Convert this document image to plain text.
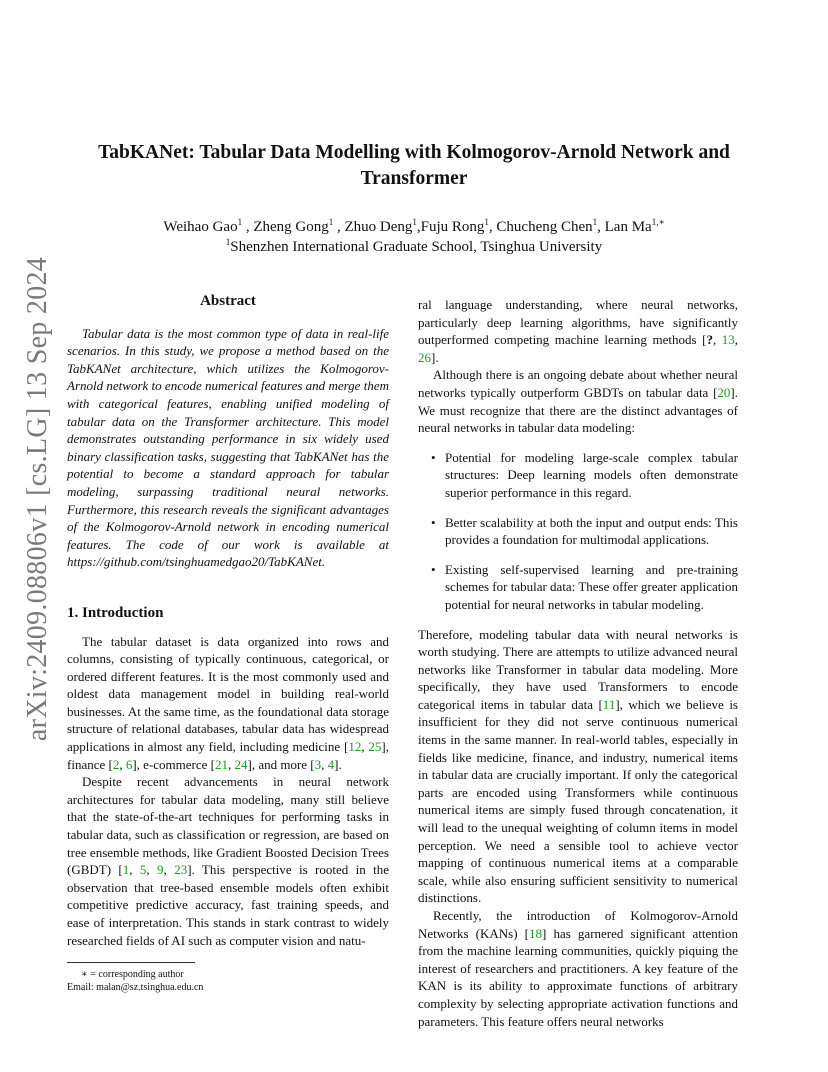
arXiv:2409.08806v1 [cs.LG] 13 Sep 2024
TabKANet: Tabular Data Modelling with Kolmogorov-Arnold Network and Transformer
Weihao Gao$^1$ , Zheng Gong$^1$ , Zhuo Deng$^1$,Fuju Rong$^1$, Chucheng Chen$^1$, Lan $Ma^{1,∗}$
$^1$Shenzhen International Graduate School, Tsinghua University
Abstract

Tabular data is the most common type of data in real-life scenarios. In this study, we propose a method based on the TabKANet architecture, which utilizes the Kolmogorov-Arnold network to encode numerical features and merge them with categorical features, enabling unified modeling of tabular data on the Transformer architecture. This model demonstrates outstanding performance in six widely used binary classification tasks, suggesting that TabKANet has the potential to become a standard approach for tabular modeling, surpassing traditional neural networks. Furthermore, this research reveals the significant advantages of the Kolmogorov-Arnold network in encoding numerical features. The code of our work is available at https://github.com/tsinghuamedgao20/TabKANet.

1. Introduction

The tabular dataset is data organized into rows and columns, consisting of typically continuous, categorical, or ordered different features. It is the most commonly used and oldest data management model in building real-world businesses. At the same time, as the foundational data storage structure of relational databases, tabular data has widespread applications in almost any field, including medicine [12, 25], finance [2, 6], e-commerce [21, 24], and more [3, 4].

Despite recent advancements in neural network architectures for tabular data modeling, many still believe that the state-of-the-art techniques for performing tasks in tabular data, such as classification or regression, are based on tree ensemble methods, like Gradient Boosted Decision Trees (GBDT) [1, 5, 9, 23]. This perspective is rooted in the observation that tree-based ensemble models often exhibit competitive predictive accuracy, fast training speeds, and ease of interpretation. This stands in stark contrast to widely researched fields of AI such as computer vision and natu-

∗ = corresponding author
Email: malan@sz.tsinghua.edu.cn

ral language understanding, where neural networks, particularly deep learning algorithms, have significantly outperformed competing machine learning methods [?, 13, 26].

Although there is an ongoing debate about whether neural networks typically outperform GBDTs on tabular data [20]. We must recognize that there are the distinct advantages of neural networks in tabular data modeling:

• Potential for modeling large-scale complex tabular structures: Deep learning models often demonstrate superior performance in this regard.
• Better scalability at both the input and output ends: This provides a foundation for multimodal applications.
• Existing self-supervised learning and pre-training schemes for tabular data: These offer greater application potential for neural networks in tabular modeling.

Therefore, modeling tabular data with neural networks is worth studying. There are attempts to utilize advanced neural networks like Transformer in tabular data modeling. More specifically, they have used Transformers to encode categorical items in tabular data [11], which we believe is insufficient for they did not serve continuous numerical items in the same manner. In real-world tables, especially in fields like medicine, finance, and industry, numerical items in tabular data are crucially important. If only the categorical parts are encoded using Transformers while continuous numerical items are simply fused through concatenation, it will lead to the unequal weighting of column items in model perception. We need a sensible tool to achieve vector mapping of continuous numerical items at a comparable scale, while also ensuring sufficient sensitivity to numerical distinctions.

Recently, the introduction of Kolmogorov-Arnold Networks (KANs) [18] has garnered significant attention from the machine learning communities, quickly piquing the interest of researchers and practitioners. A key feature of the KAN is its ability to approximate functions of arbitrary complexity by selecting appropriate activation functions and parameters. This feature offers neural networks
